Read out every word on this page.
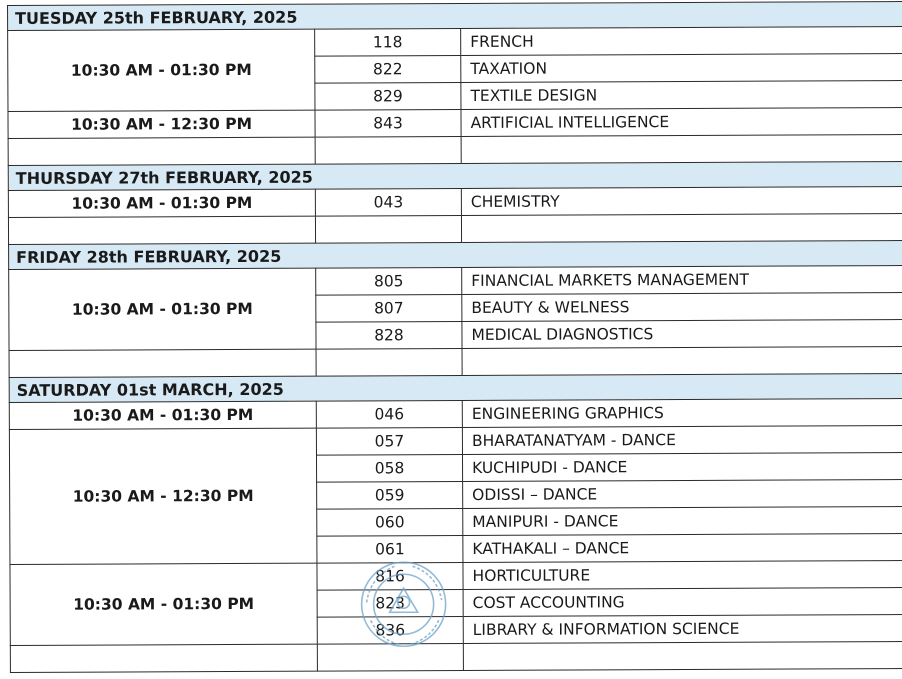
TUESDAY 25th FEBRUARY, 2025		
10:30 AM - 01:30 PM	118	FRENCH
	822	TAXATION
	829	TEXTILE DESIGN
10:30 AM - 12:30 PM	843	ARTIFICIAL INTELLIGENCE

THURSDAY 27th FEBRUARY, 2025		
10:30 AM - 01:30 PM	043	CHEMISTRY

FRIDAY 28th FEBRUARY, 2025		
10:30 AM - 01:30 PM	805	FINANCIAL MARKETS MANAGEMENT
	807	BEAUTY & WELNESS
	828	MEDICAL DIAGNOSTICS

SATURDAY 01st MARCH, 2025		
10:30 AM - 01:30 PM	046	ENGINEERING GRAPHICS
10:30 AM - 12:30 PM	057	BHARATANATYAM - DANCE
	058	KUCHIPUDI - DANCE
	059	ODISSI – DANCE
	060	MANIPURI - DANCE
	061	KATHAKALI – DANCE
10:30 AM - 01:30 PM	816	HORTICULTURE
	823	COST ACCOUNTING
	836	LIBRARY & INFORMATION SCIENCE
